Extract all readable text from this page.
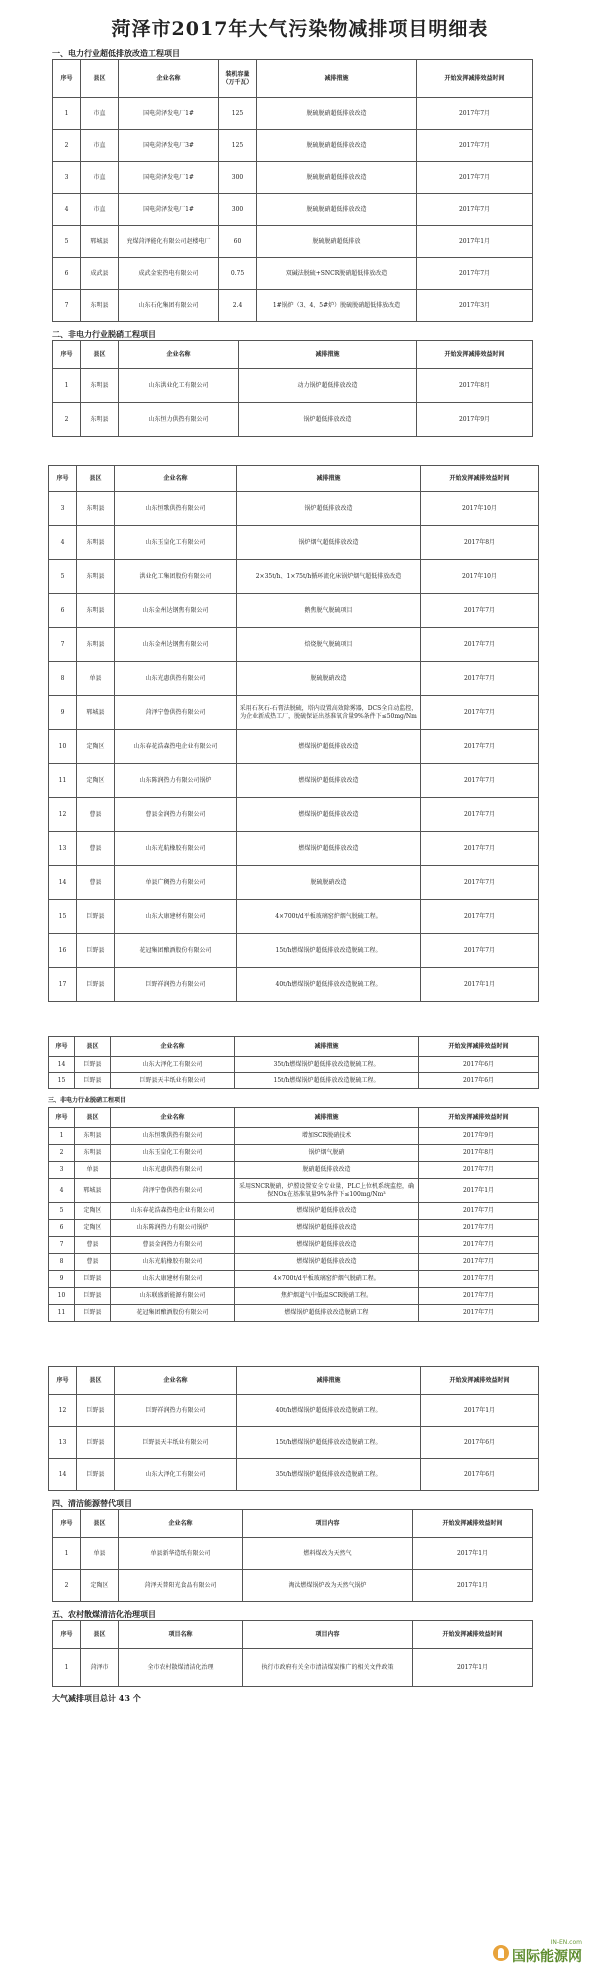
菏泽市2017年大气污染物减排项目明细表
一、电力行业超低排放改造工程项目
序号	县区	企业名称	装机容量（万千瓦）	减排措施	开始发挥减排效益时间
1	市直	国电菏泽发电厂1#	125	脱硫脱硝超低排放改造	2017年7月
2	市直	国电菏泽发电厂3#	125	脱硫脱硝超低排放改造	2017年7月
3	市直	国电菏泽发电厂1#	300	脱硫脱硝超低排放改造	2017年7月
4	市直	国电菏泽发电厂1#	300	脱硫脱硝超低排放改造	2017年7月
5	郓城县	兖煤菏泽能化有限公司赵楼电厂	60	脱硫脱硝超低排放	2017年1月
6	成武县	成武金宏热电有限公司	0.75	双碱法脱硫+SNCR脱硝超低排放改造	2017年7月
7	东明县	山东石化集团有限公司	2.4	1#锅炉（3、4、5#炉）脱硫脱硝超低排放改造	2017年3月
二、非电力行业脱硝工程项目
序号	县区	企业名称	减排措施	开始发挥减排效益时间
1	东明县	山东洪业化工有限公司	动力锅炉超低排放改造	2017年8月
2	东明县	山东恒力供热有限公司	锅炉超低排放改造	2017年9月
序号	县区	企业名称	减排措施	开始发挥减排效益时间
3	东明县	山东恒歌供热有限公司	锅炉超低排放改造	2017年10月
4	东明县	山东玉皇化工有限公司	锅炉烟气超低排放改造	2017年8月
5	东明县	洪业化工集团股份有限公司	2×35t/h、1×75t/h循环流化床锅炉烟气超低排放改造	2017年10月
6	东明县	山东金州达钢焦有限公司	鹅焦脱气脱硫项目	2017年7月
7	东明县	山东金州达钢焦有限公司	焙烧脱气脱硫项目	2017年7月
8	单县	山东光惠供热有限公司	脱硫脱硝改造	2017年7月
9	郓城县	菏泽宁鲁供热有限公司	采用石灰石-石膏法脱硫，塔内设置高效除雾器，DCS全自动监控，为企业新成热工厂，脱硫保证出基准氧含量9%条件下≤50mg/Nm	2017年7月
10	定陶区	山东春花浩森热电企业有限公司	燃煤锅炉超低排放改造	2017年7月
11	定陶区	山东陈润热力有限公司锅炉	燃煤锅炉超低排放改造	2017年7月
12	曹县	曹县金润热力有限公司	燃煤锅炉超低排放改造	2017年7月
13	曹县	山东光航橡胶有限公司	燃煤锅炉超低排放改造	2017年7月
14	曹县	单县广稠热力有限公司	脱硫脱硝改造	2017年7月
15	巨野县	山东大康建材有限公司	4×700t/d平板玻璃窑炉烟气脱硫工程。	2017年7月
16	巨野县	花冠集团酿酒股份有限公司	15t/h燃煤锅炉超低排放改造脱硫工程。	2017年7月
17	巨野县	巨野祥润热力有限公司	40t/h燃煤锅炉超低排放改造脱硫工程。	2017年1月
序号	县区	企业名称	减排措施	开始发挥减排效益时间
14	巨野县	山东大泽化工有限公司	35t/h燃煤锅炉超低排放改造脱硫工程。	2017年6月
15	巨野县	巨野县天丰纸业有限公司	15t/h燃煤锅炉超低排放改造脱硫工程。	2017年6月
三、非电力行业脱硝工程项目
序号	县区	企业名称	减排措施	开始发挥减排效益时间
1	东明县	山东恒歌供热有限公司	增加SCR脱硝技术	2017年9月
2	东明县	山东玉皇化工有限公司	锅炉烟气脱硝	2017年8月
3	单县	山东光惠供热有限公司	脱硝超低排放改造	2017年7月
4	郓城县	菏泽宁鲁供热有限公司	采用SNCR脱硝，炉膛设置安全专业量，PLC上位机系统监控，确保NOx在基准氧量9%条件下≤100mg/Nm³	2017年1月
5	定陶区	山东春花浩森热电企业有限公司	燃煤锅炉超低排放改造	2017年7月
6	定陶区	山东陈润热力有限公司锅炉	燃煤锅炉超低排放改造	2017年7月
7	曹县	曹县金润热力有限公司	燃煤锅炉超低排放改造	2017年7月
8	曹县	山东光航橡胶有限公司	燃煤锅炉超低排放改造	2017年7月
9	巨野县	山东大康建材有限公司	4×700t/d平板玻璃窑炉烟气脱硝工程。	2017年7月
10	巨野县	山东联盛新能源有限公司	焦炉烟道气中低温SCR脱硝工程。	2017年7月
11	巨野县	花冠集团酿酒股份有限公司	燃煤锅炉超低排放改造脱硝工程	2017年7月
序号	县区	企业名称	减排措施	开始发挥减排效益时间
12	巨野县	巨野祥润热力有限公司	40t/h燃煤锅炉超低排放改造脱硝工程。	2017年1月
13	巨野县	巨野县天丰纸业有限公司	15t/h燃煤锅炉超低排放改造脱硝工程。	2017年6月
14	巨野县	山东大泽化工有限公司	35t/h燃煤锅炉超低排放改造脱硝工程。	2017年6月
四、清洁能源替代项目
序号	县区	企业名称	项目内容	开始发挥减排效益时间
1	单县	单县新华造纸有限公司	燃料煤改为天然气	2017年1月
2	定陶区	菏泽天普阳光食品有限公司	淘汰燃煤锅炉改为天然气锅炉	2017年1月
五、农村散煤清洁化治理项目
序号	县区	项目名称	项目内容	开始发挥减排效益时间
1	菏泽市	全市农村散煤清洁化治理	执行市政府有关全市清洁煤炭推广的相关文件政策	2017年1月
大气减排项目总计 43 个
IN-EN.com
国际能源网
